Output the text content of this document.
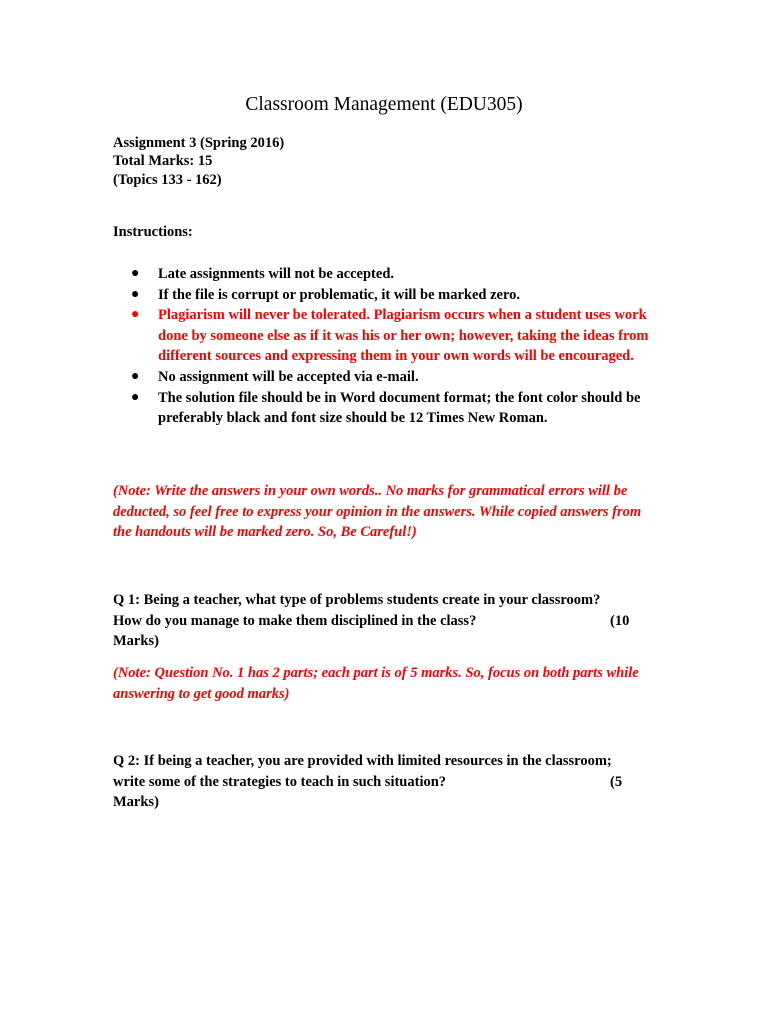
Classroom Management (EDU305)
Assignment 3 (Spring 2016)
Total Marks: 15
(Topics 133 - 162)
Instructions:
● Late assignments will not be accepted.
● If the file is corrupt or problematic, it will be marked zero.
● Plagiarism will never be tolerated. Plagiarism occurs when a student uses work done by someone else as if it was his or her own; however, taking the ideas from different sources and expressing them in your own words will be encouraged.
● No assignment will be accepted via e-mail.
● The solution file should be in Word document format; the font color should be preferably black and font size should be 12 Times New Roman.
(Note: Write the answers in your own words.. No marks for grammatical errors will be deducted, so feel free to express your opinion in the answers. While copied answers from the handouts will be marked zero. So, Be Careful!)
Q 1: Being a teacher, what type of problems students create in your classroom?
How do you manage to make them disciplined in the class?	(10
Marks)
(Note: Question No. 1 has 2 parts; each part is of 5 marks. So, focus on both parts while answering to get good marks)
Q 2: If being a teacher, you are provided with limited resources in the classroom;
write some of the strategies to teach in such situation?	(5
Marks)
